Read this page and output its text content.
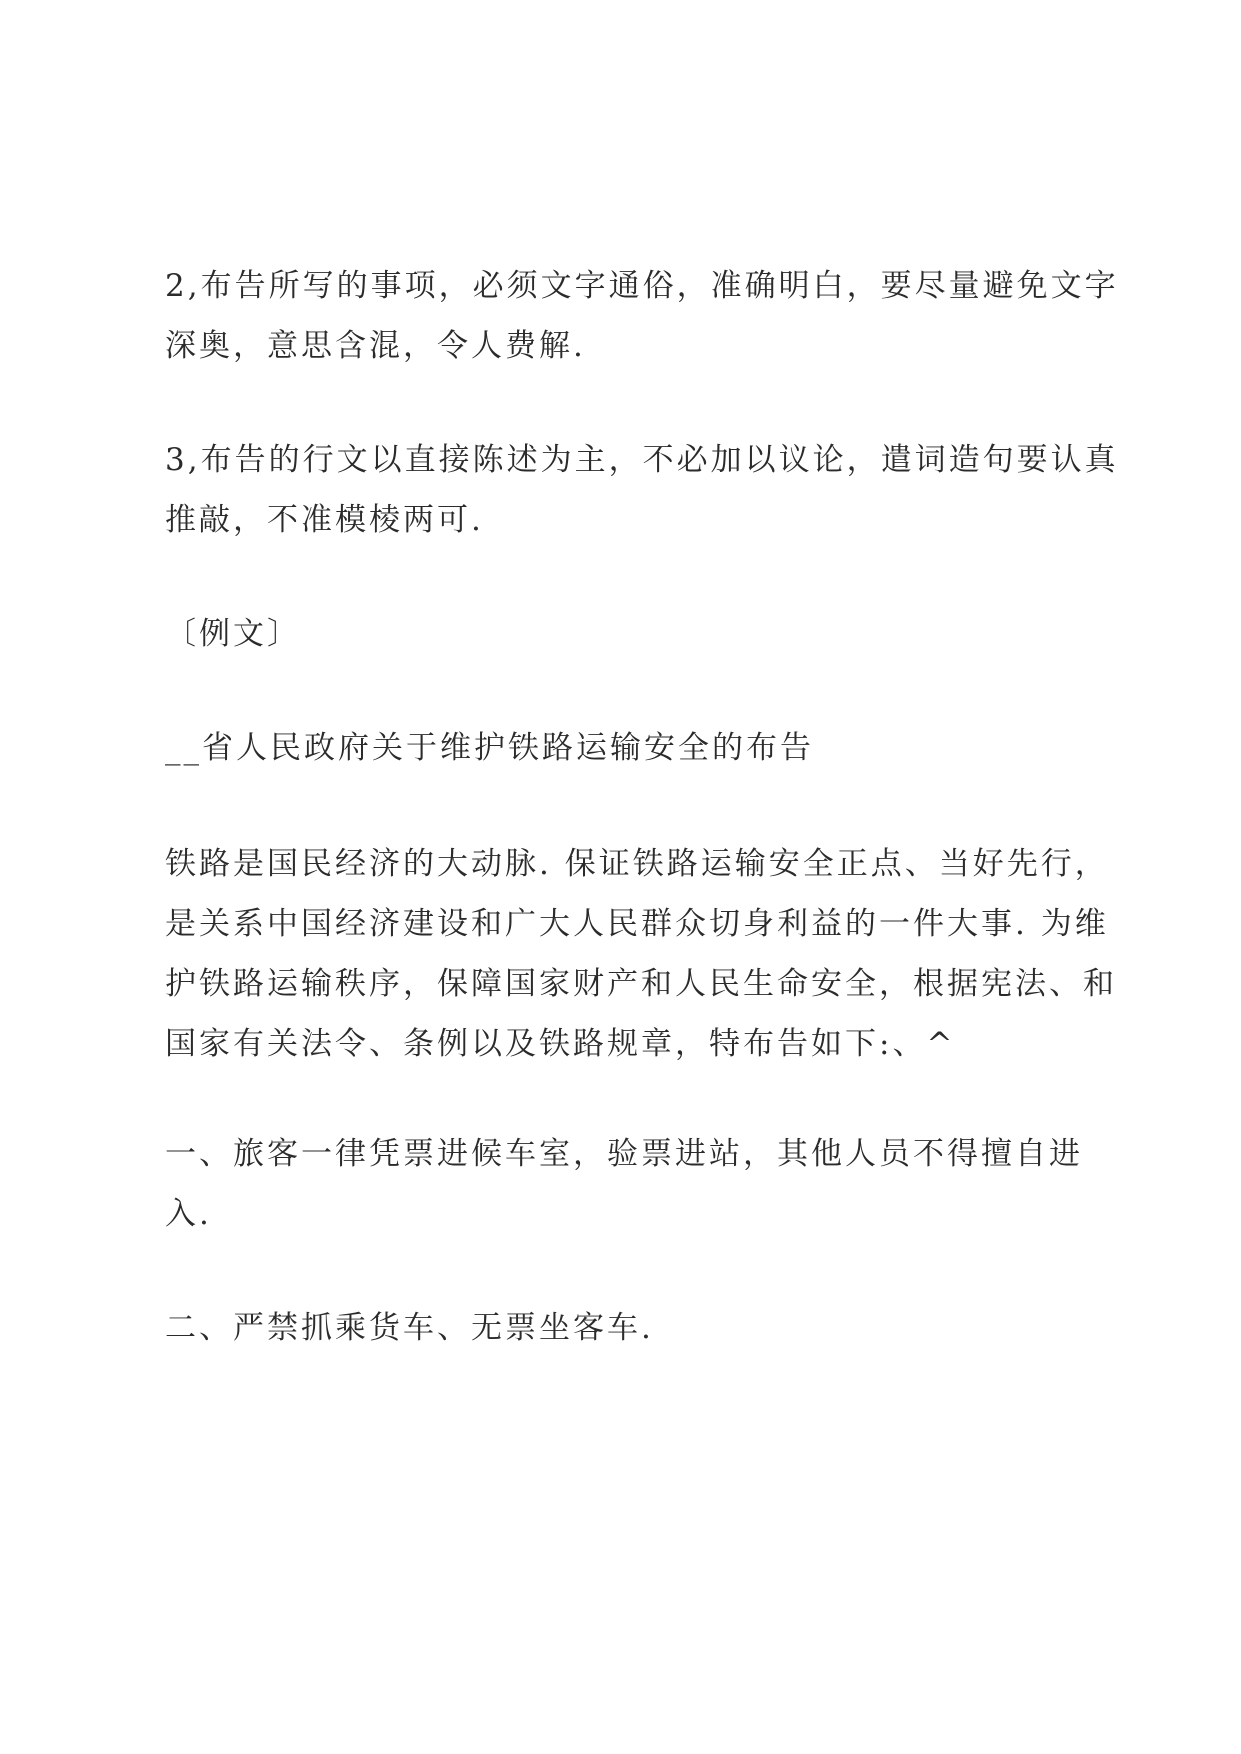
2,布告所写的事项，必须文字通俗，准确明白，要尽量避免文字
深奥，意思含混，令人费解.

3,布告的行文以直接陈述为主，不必加以议论，遣词造句要认真
推敲，不准模棱两可.

〔例文〕

__省人民政府关于维护铁路运输安全的布告

铁路是国民经济的大动脉. 保证铁路运输安全正点、当好先行，
是关系中国经济建设和广大人民群众切身利益的一件大事. 为维
护铁路运输秩序，保障国家财产和人民生命安全，根据宪法、和
国家有关法令、条例以及铁路规章，特布告如下:、^

一、旅客一律凭票进候车室，验票进站，其他人员不得擅自进
入.

二、严禁抓乘货车、无票坐客车.
